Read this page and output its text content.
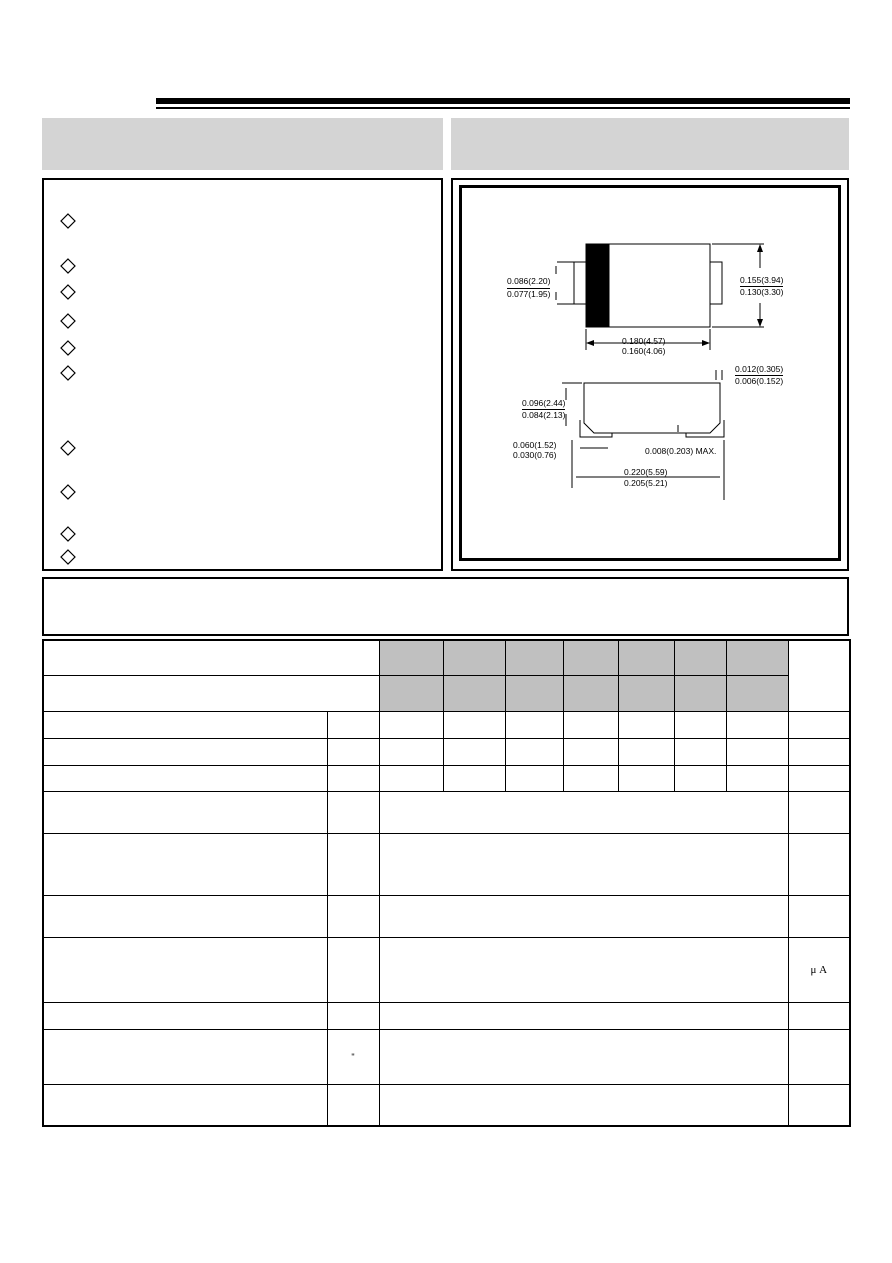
0.086(2.20)
0.077(1.95)
0.155(3.94)
0.130(3.30)
0.180(4.57)
0.160(4.06)
0.012(0.305)
0.006(0.152)
0.096(2.44)
0.084(2.13)
0.060(1.52)
0.030(0.76)	0.008(0.203) MAX.
0.220(5.59)
0.205(5.21)

									μ A

	"								
